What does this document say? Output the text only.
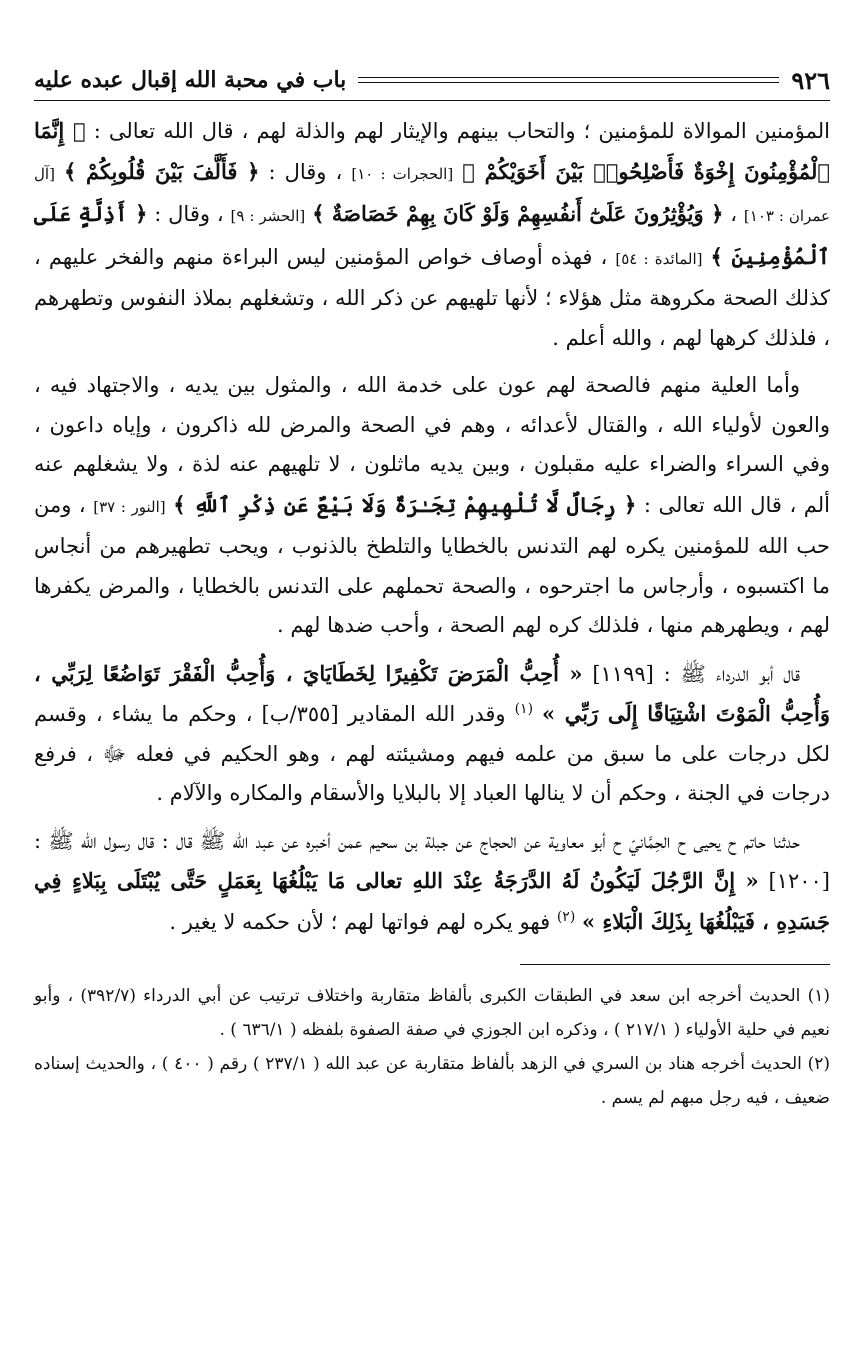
٩٢٦
باب في محبة الله إقبال عبده عليه

المؤمنين الموالاة للمؤمنين ؛ والتحاب بينهم والإيثار لهم والذلة لهم ، قال الله تعالى : ﴿ إِنَّمَا ٱلْمُؤْمِنُونَ إِخْوَةٌ فَأَصْلِحُوا۟ بَيْنَ أَخَوَيْكُمْ ﴾ [الحجرات : ١٠] ، وقال : ﴿ فَأَلَّفَ بَيْنَ قُلُوبِكُمْ ﴾ [آل عمران : ١٠٣] ، ﴿ وَيُؤْثِرُونَ عَلَىٰٓ أَنفُسِهِمْ وَلَوْ كَانَ بِهِمْ خَصَاصَةٌ ﴾ [الحشر : ٩] ، وقال : ﴿ أَذِلَّةٍ عَلَى ٱلْمُؤْمِنِينَ ﴾ [المائدة : ٥٤] ، فهذه أوصاف خواص المؤمنين ليس البراءة منهم والفخر عليهم ، كذلك الصحة مكروهة مثل هؤلاء ؛ لأنها تلهيهم عن ذكر الله ، وتشغلهم بملاذ النفوس وتطهرهم ، فلذلك كرهها لهم ، والله أعلم .

وأما العلية منهم فالصحة لهم عون على خدمة الله ، والمثول بين يديه ، والاجتهاد فيه ، والعون لأولياء الله ، والقتال لأعدائه ، وهم في الصحة والمرض لله ذاكرون ، وإياه داعون ، وفي السراء والضراء عليه مقبلون ، وبين يديه ماثلون ، لا تلهيهم عنه لذة ، ولا يشغلهم عنه ألم ، قال الله تعالى : ﴿ رِجَالٌ لَّا تُلْهِيهِمْ تِجَـٰرَةٌ وَلَا بَيْعٌ عَن ذِكْرِ ٱللَّهِ ﴾ [النور : ٣٧] ، ومن حب الله للمؤمنين يكره لهم التدنس بالخطايا والتلطخ بالذنوب ، ويحب تطهيرهم من أنجاس ما اكتسبوه ، وأرجاس ما اجترحوه ، والصحة تحملهم على التدنس بالخطايا ، والمرض يكفرها لهم ، ويطهرهم منها ، فلذلك كره لهم الصحة ، وأحب ضدها لهم .

قال أبو الدرداء ﷺ : [١١٩٩] « أُحِبُّ الْمَرَضَ تَكْفِيرًا لِخَطَايَايَ ، وَأُحِبُّ الْفَقْرَ تَوَاضُعًا لِرَبِّي ، وَأُحِبُّ الْمَوْتَ اشْتِيَاقًا إِلَى رَبِّي » $^{(١)}$ وقدر الله المقادير [٣٥٥/ب] ، وحكم ما يشاء ، وقسم لكل درجات على ما سبق من علمه فيهم ومشيئته لهم ، وهو الحكيم في فعله ﷻ ، فرفع درجات في الجنة ، وحكم أن لا ينالها العباد إلا بالبلايا والأسقام والمكاره والآلام .

حدثنا حاتم ح يحيى ح الحِمَّانيّ ح أبو معاوية عن الحجاج عن جبلة بن سحيم عمن أخبره عن عبد الله ﷺ قال : قال رسول الله ﷺ : [١٢٠٠] « إِنَّ الرَّجُلَ لَيَكُونُ لَهُ الدَّرَجَةُ عِنْدَ اللهِ تعالى مَا يَبْلُغُهَا بِعَمَلٍ حَتَّى يُبْتَلَى بِبَلاءٍ فِي جَسَدِهِ ، فَيَبْلُغُهَا بِذَلِكَ الْبَلاءِ » $^{(٢)}$ فهو يكره لهم فواتها لهم ؛ لأن حكمه لا يغير .

(١) الحديث أخرجه ابن سعد في الطبقات الكبرى بألفاظ متقاربة واختلاف ترتيب عن أبي الدرداء (٣٩٢/٧) ، وأبو نعيم في حلية الأولياء ( ٢١٧/١ ) ، وذكره ابن الجوزي في صفة الصفوة بلفظه ( ٦٣٦/١ ) .

(٢) الحديث أخرجه هناد بن السري في الزهد بألفاظ متقاربة عن عبد الله ( ٢٣٧/١ ) رقم ( ٤٠٠ ) ، والحديث إسناده ضعيف ، فيه رجل مبهم لم يسم .
